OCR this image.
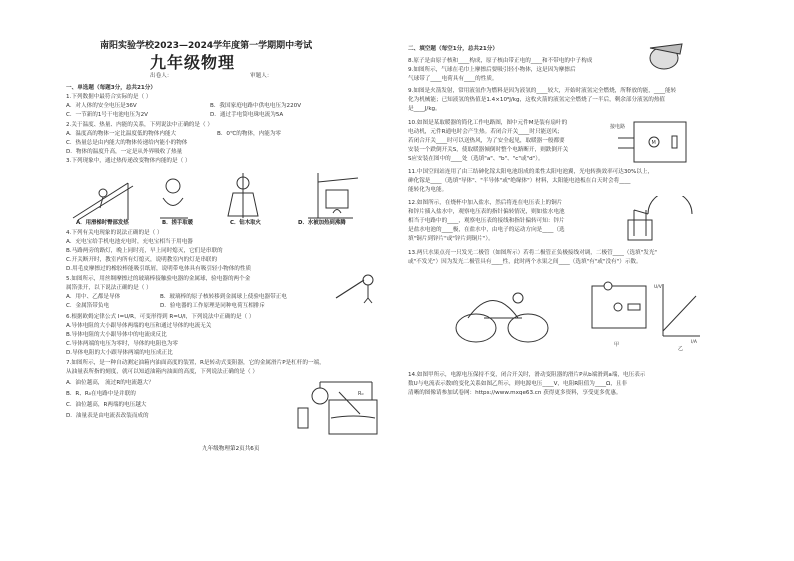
南阳实验学校2023—2024学年度第一学期期中考试
九年级物理
出卷人：	审题人：
一、单选题（每题3分，总共21分）
1.下列数据中最符合实际的是（ ）
A．对人体的安全电压是36V	B．我国家庭电路中供电电压为220V
C．一节新的1号干电池电压为2V	D．通过手电筒电珠电流为5A
2.关于温度、热量、内能的关系，下列说法中正确的是（ ）
A．温度高的物体一定比温度低的物体内能大	B．0℃的物体，内能为零
C．热量总是由内能大的物体传递给内能小的物体
D．物体的温度升高，一定是从外界吸收了热量
3.下列现象中，通过热传递改变物体内能的是（ ）
A．用滑梯时臀部发热	B．搓手取暖	C．钻木取火	D．水被加热到沸腾
4.下列有关电现象的说法正确的是（ ）
A．充电宝给手机电池充电时，充电宝相当于用电器
B.马路两旁的路灯，晚上同时亮，早上同时熄灭，它们是串联的
C.开关断开时，教室内所有灯熄灭，说明教室内的灯是串联的
D.用毛皮摩擦过的橡胶棒能吸引纸屑，说明带电体具有吸引轻小物体的性质
5.如图所示，用丝绸摩擦过的玻璃棒接触验电器的金属球，验电器的两个金
属箔张开，以下说法正确的是（ ）
A．用中、乙都是导体	B．玻璃棒的原子核转移到金属球上使验电器带正电
C．金属箔带负电	D．验电器的工作原理是同种电荷互相排斥
6.根据欧姆定律公式 I=U/R，可变形得到 R=U/I，下列说法中正确的是（ ）
A.导体电阻的大小跟导体两端的电压和通过导体的电流无关
B.导体电阻的大小跟导体中的电流成反比
C.导体两端的电压为零时，导体的电阻也为零
D.导体电阻的大小跟导体两端的电压成正比
7.如图所示，是一种自动测定油箱内油面高度的装置，R是转动式变阻器，它的金属滑片P是杠杆的一端，
从油量表所指的刻度，就可以知道油箱内油面的高度，下列说法正确的是（ ）
A．油位越高， 流过R的电流越大？
B．R、R₀在电路中是并联的
C．油位越高，R两端的电压越大
D．油量表是由电流表改装而成的
R₀
九年级物理第2页共6页
二、填空题（每空1分，总共21分）
8.原子是由原子核和____构成，原子核由带正电的____和不带电的中子构成
9.如图所示，气球在毛巾上摩擦后要吸引轻小物体，这是因为摩擦后
气球带了____电荷具有____的性质。
9.如图是火箭发射，常用液氢作为燃料是因为液氢的____较大，开始时液氢完全燃烧，所释放的能，____能转
化为机械能；已知液氢的热值是1.4×10⁸J/kg，这枚火箭的液氢完全燃烧了一半后，剩余部分液氢的热值
是____J/kg。
10.如图是某取暖器的简化工作电路图，图中元件M是装有扇叶的
电动机，元件R通电时会产生热。若闭合开关____时只能送风；
若闭合开关____时可以送热风，为了安全起见，取暖器一般都要
安装一个跌倒开关S，使取暖器倾倒时整个电路断开，则跌倒开关
S应安装在图中的____处（选填"a"、"b"、"c"或"d"）。
接电路
M
11.中国空间站连用了由三结砷化镓太阳电池组成的柔性太阳电池翼，光电转换效率可达30%以上，
砷化镓是____（选填"导体"、"半导体"或"绝缘体"）材料，太阳能电池板在白天时会将____
能转化为电能。
12.如图所示，在烧杯中加入盐水，然后将连在电压表上的铜片
和锌片插入盐水中，观察电压表的指针偏转情况，则如盐水电池
相当于电路中的____，观察电压表的接线和指针偏转可知：锌片
是盐水电池的____极，在盐水中，由电子的运动方向是____（选
填"铜片到锌片"或"锌片到铜片"）。
13.两只水果点亮一只发光二极管（如图所示）若将二极管正负极接线对调，二极管____（选填"发光"
或"不发光"）因为发光二极管具有____性，此时两个水果之间____（选填"有"或"没有"）示数。
U/V
I/A
甲
乙
14.如图甲所示，电源电压保持不变，闭合开关时，滑动变阻器的滑片P从b端滑到a端，电压表示
数U与电流表示数I的变化关系如图乙所示，则电源电压____V，电阻R阻值为____Ω，且非
清晰的图像请参加试卷网：https://www.mxqe63.cn 获得更多资料，享受更多优惠。
